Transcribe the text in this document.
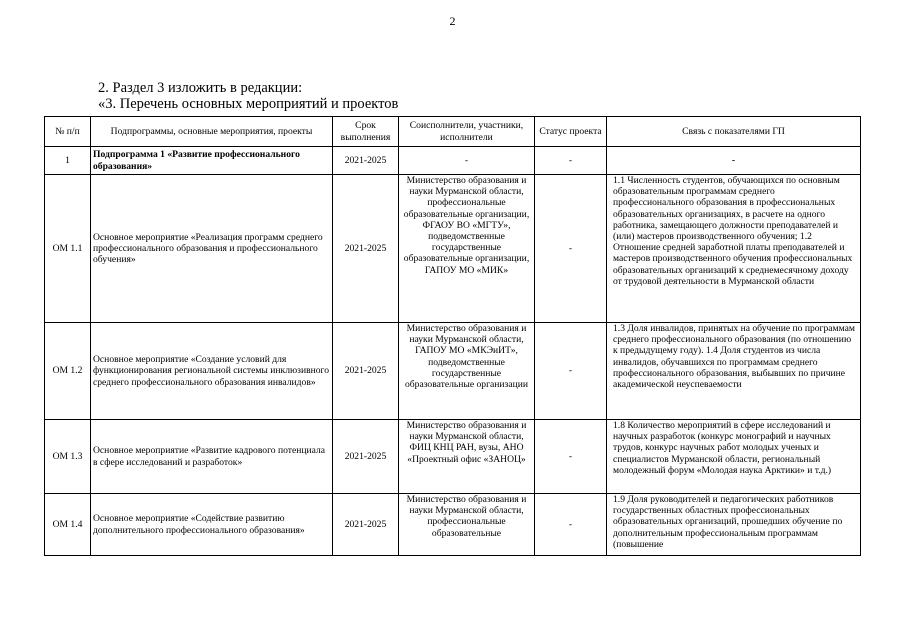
2
2. Раздел 3 изложить в редакции:
«3. Перечень основных мероприятий и проектов
№ п/п	Подпрограммы, основные мероприятия, проекты	Срок выполнения	Соисполнители, участники, исполнители	Статус проекта	Связь с показателями ГП
1	Подпрограмма 1 «Развитие профессионального образования»	2021-2025	-	-	-
ОМ 1.1	Основное мероприятие «Реализация программ среднего профессионального образования и профессионального обучения»	2021-2025	Министерство образования и науки Мурманской области, профессиональные образовательные организации, ФГАОУ ВО «МГТУ», подведомственные государственные образовательные организации, ГАПОУ МО «МИК»	-	1.1 Численность студентов, обучающихся по основным образовательным программам среднего профессионального образования в профессиональных образовательных организациях, в расчете на одного работника, замещающего должности преподавателей и (или) мастеров производственного обучения; 1.2 Отношение средней заработной платы преподавателей и мастеров производственного обучения профессиональных образовательных организаций к среднемесячному доходу от трудовой деятельности в Мурманской области
ОМ 1.2	Основное мероприятие «Создание условий для функционирования региональной системы инклюзивного среднего профессионального образования инвалидов»	2021-2025	Министерство образования и науки Мурманской области, ГАПОУ МО «МКЭиИТ», подведомственные государственные образовательные организации	-	1.3 Доля инвалидов, принятых на обучение по программам среднего профессионального образования (по отношению к предыдущему году). 1.4 Доля студентов из числа инвалидов, обучавшихся по программам среднего профессионального образования, выбывших по причине академической неуспеваемости
ОМ 1.3	Основное мероприятие «Развитие кадрового потенциала в сфере исследований и разработок»	2021-2025	Министерство образования и науки Мурманской области, ФИЦ КНЦ РАН, вузы, АНО «Проектный офис «ЗАНОЦ»	-	1.8 Количество мероприятий в сфере исследований и научных разработок (конкурс монографий и научных трудов, конкурс научных работ молодых ученых и специалистов Мурманской области, региональный молодежный форум «Молодая наука Арктики» и т.д.)
ОМ 1.4	Основное мероприятие «Содействие развитию дополнительного профессионального образования»	2021-2025	Министерство образования и науки Мурманской области, профессиональные образовательные	-	1.9 Доля руководителей и педагогических работников государственных областных профессиональных образовательных организаций, прошедших обучение по дополнительным профессиональным программам (повышение
